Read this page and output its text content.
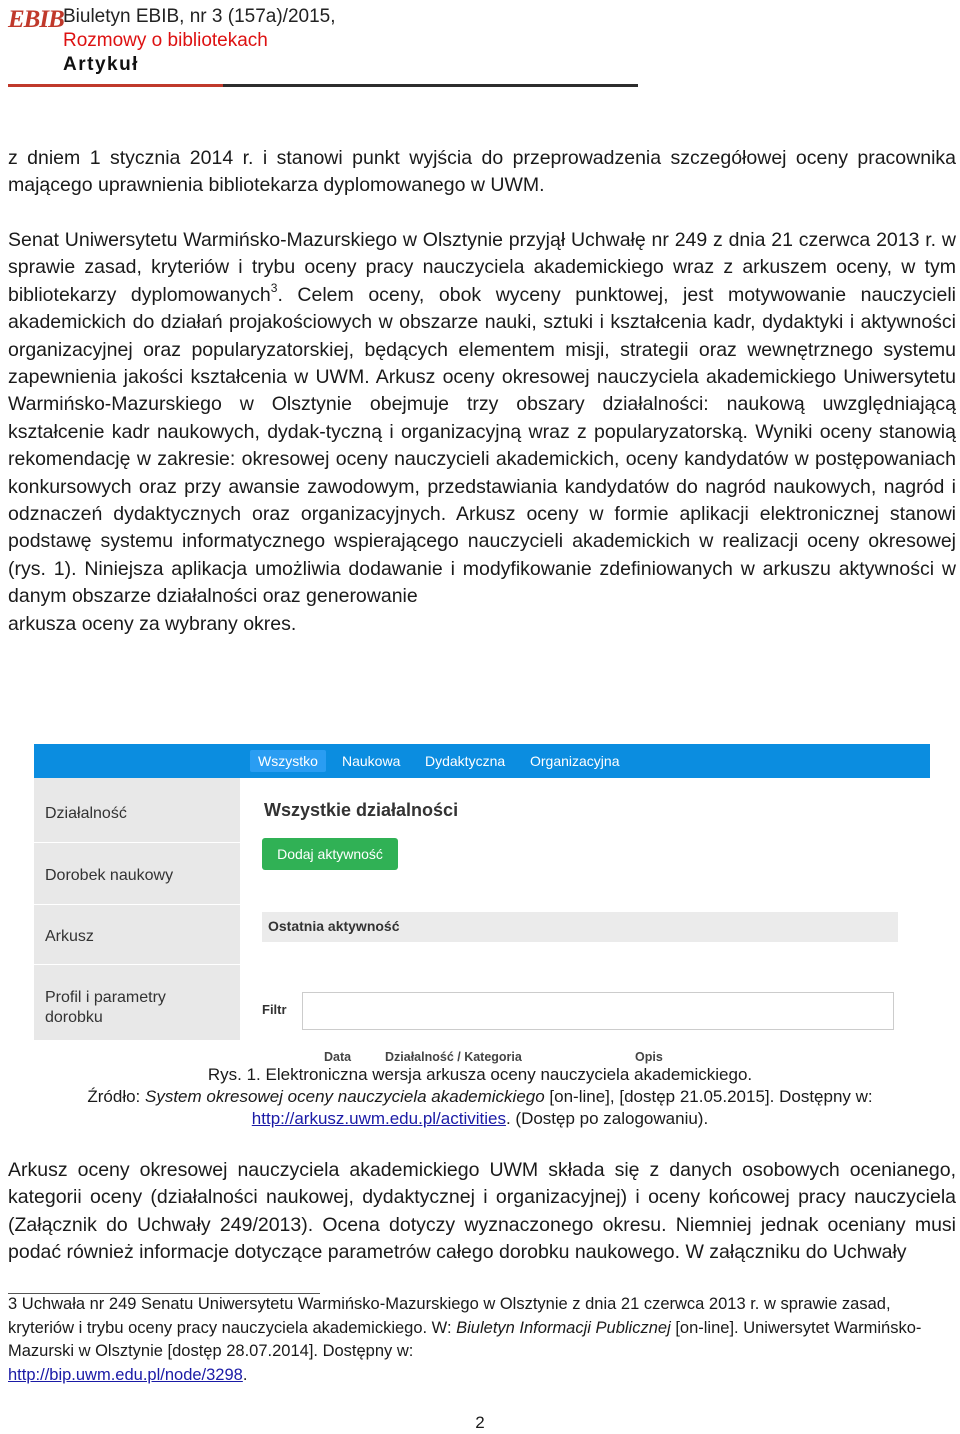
EBIB Biuletyn EBIB, nr 3 (157a)/2015,
Rozmowy o bibliotekach
Artykuł

z dniem 1 stycznia 2014 r. i stanowi punkt wyjścia do przeprowadzenia szczegółowej oceny pracownika mającego uprawnienia bibliotekarza dyplomowanego w UWM.

Senat Uniwersytetu Warmińsko-Mazurskiego w Olsztynie przyjął Uchwałę nr 249 z dnia 21 czerwca 2013 r. w sprawie zasad, kryteriów i trybu oceny pracy nauczyciela akademickiego wraz z arkuszem oceny, w tym bibliotekarzy dyplomowanych$^3$. Celem oceny, obok wyceny punktowej, jest motywowanie nauczycieli akademickich do działań projakościowych w obszarze nauki, sztuki i kształcenia kadr, dydaktyki i aktywności organizacyjnej oraz popularyzatorskiej, będących elementem misji, strategii oraz wewnętrznego systemu zapewnienia jakości kształcenia w UWM. Arkusz oceny okresowej nauczyciela akademickiego Uniwersytetu Warmińsko-Mazurskiego w Olsztynie obejmuje trzy obszary działalności: naukową uwzględniającą kształcenie kadr naukowych, dydak-tyczną i organizacyjną wraz z popularyzatorską. Wyniki oceny stanowią rekomendację w zakresie: okresowej oceny nauczycieli akademickich, oceny kandydatów w postępowaniach konkursowych oraz przy awansie zawodowym, przedstawiania kandydatów do nagród naukowych, nagród i odznaczeń dydaktycznych oraz organizacyjnych. Arkusz oceny w formie aplikacji elektronicznej stanowi podstawę systemu informatycznego wspierającego nauczycieli akademickich w realizacji oceny okresowej (rys. 1). Niniejsza aplikacja umożliwia dodawanie i modyfikowanie zdefiniowanych w arkuszu aktywności w danym obszarze działalności oraz generowanie
arkusza oceny za wybrany okres.

Wszystko	Naukowa	Dydaktyczna	Organizacyjna
Działalność
Dorobek naukowy
Arkusz
Profil i parametry
dorobku
Wszystkie działalności
Dodaj aktywność
Ostatnia aktywność
Filtr
Data	Działalność / Kategoria	Opis
Rys. 1. Elektroniczna wersja arkusza oceny nauczyciela akademickiego.
Źródło: System okresowej oceny nauczyciela akademickiego [on-line], [dostęp 21.05.2015]. Dostępny w:
http://arkusz.uwm.edu.pl/activities. (Dostęp po zalogowaniu).

Arkusz oceny okresowej nauczyciela akademickiego UWM składa się z danych osobowych ocenianego, kategorii oceny (działalności naukowej, dydaktycznej i organizacyjnej) i oceny końcowej pracy nauczyciela (Załącznik do Uchwały 249/2013). Ocena dotyczy wyznaczonego okresu. Niemniej jednak oceniany musi podać również informacje dotyczące parametrów całego dorobku naukowego. W załączniku do Uchwały

3 Uchwała nr 249 Senatu Uniwersytetu Warmińsko-Mazurskiego w Olsztynie z dnia 21 czerwca 2013 r. w sprawie zasad, kryteriów i trybu oceny pracy nauczyciela akademickiego. W: Biuletyn Informacji Publicznej [on-line]. Uniwersytet Warmińsko-Mazurski w Olsztynie [dostęp 28.07.2014]. Dostępny w:
http://bip.uwm.edu.pl/node/3298.

2
